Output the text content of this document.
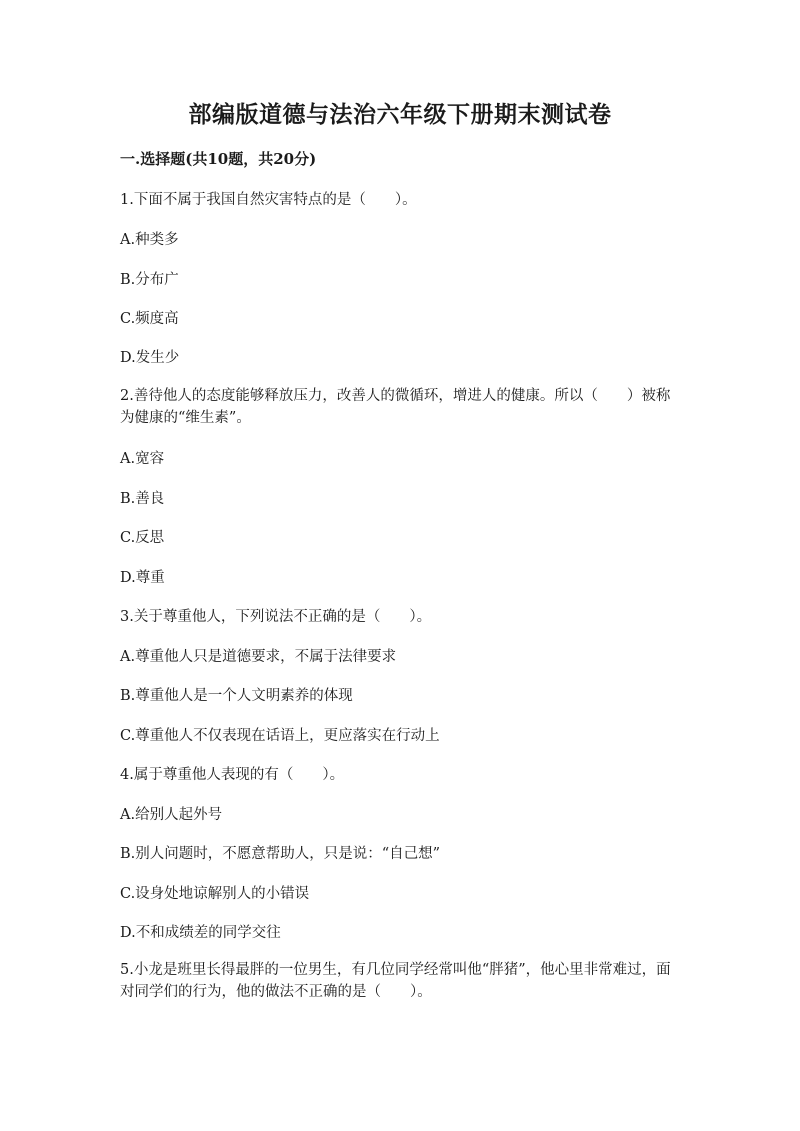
部编版道德与法治六年级下册期末测试卷
一.选择题(共10题，共20分)
1.下面不属于我国自然灾害特点的是（　　）。
A.种类多
B.分布广
C.频度高
D.发生少
2.善待他人的态度能够释放压力，改善人的微循环，增进人的健康。所以（　　）被称为健康的“维生素”。
A.宽容
B.善良
C.反思
D.尊重
3.关于尊重他人，下列说法不正确的是（　　）。
A.尊重他人只是道德要求，不属于法律要求
B.尊重他人是一个人文明素养的体现
C.尊重他人不仅表现在话语上，更应落实在行动上
4.属于尊重他人表现的有（　　）。
A.给别人起外号
B.别人问题时，不愿意帮助人，只是说：“自己想”
C.设身处地谅解别人的小错误
D.不和成绩差的同学交往
5.小龙是班里长得最胖的一位男生，有几位同学经常叫他“胖猪”，他心里非常难过，面对同学们的行为，他的做法不正确的是（　　）。
